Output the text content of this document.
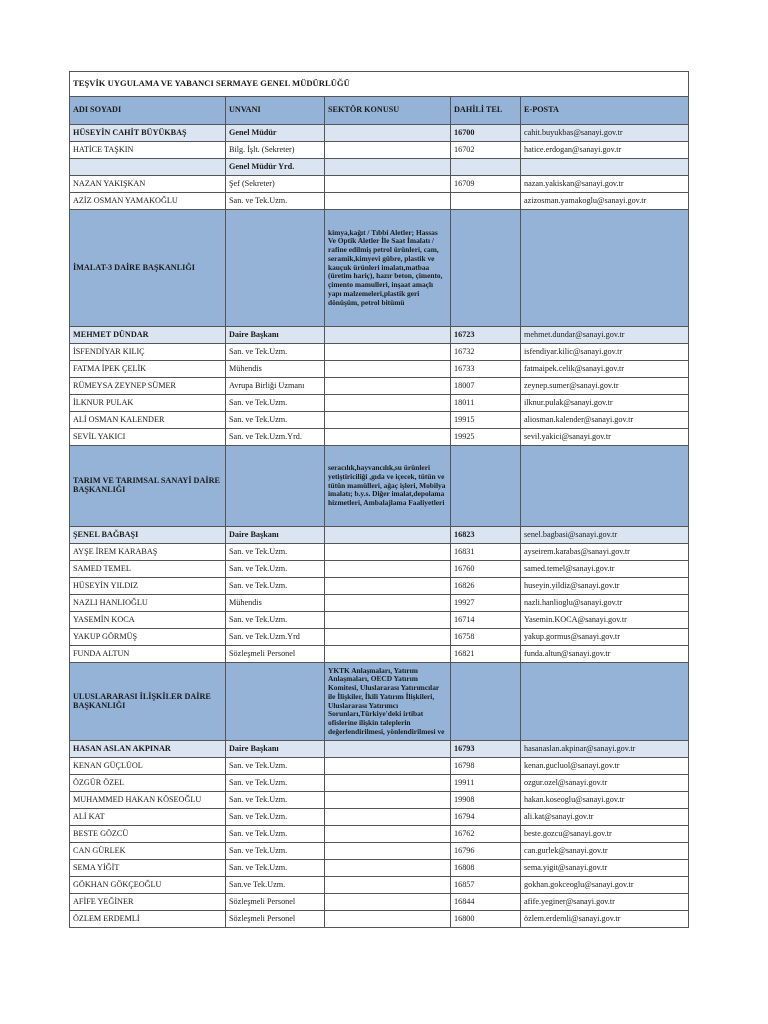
TEŞVİK UYGULAMA VE YABANCI SERMAYE GENEL MÜDÜRLÜĞÜ				
ADI SOYADI	UNVANI	SEKTÖR KONUSU	DAHİLİ TEL	E-POSTA
HÜSEYİN CAHİT BÜYÜKBAŞ	Genel Müdür		16700	cahit.buyukbas@sanayi.gov.tr
HATİCE TAŞKIN	Bilg. İşlt. (Sekreter)		16702	hatice.erdogan@sanayi.gov.tr
	Genel Müdür Yrd.			
NAZAN YAKIŞKAN	Şef (Sekreter)		16709	nazan.yakiskan@sanayi.gov.tr
AZİZ OSMAN YAMAKOĞLU	San. ve Tek.Uzm.			azizosman.yamakoglu@sanayi.gov.tr
İMALAT-3 DAİRE BAŞKANLIĞI		kimya,kağıt / Tıbbi Aletler; Hassas Ve Optik Aletler İle Saat İmalatı / rafine edilmiş petrol ürünleri, cam, seramik,kimyevi gübre, plastik ve kauçuk ürünleri imalatı,matbaa (üretim hariç), hazır beton, çimento, çimento mamulleri, inşaat amaçlı yapı malzemeleri,plastik geri dönüşüm, petrol bitümü		

MEHMET DÜNDAR	Daire Başkanı		16723	mehmet.dundar@sanayi.gov.tr
İSFENDİYAR KILIÇ	San. ve Tek.Uzm.		16732	isfendiyar.kilic@sanayi.gov.tr
FATMA İPEK ÇELİK	Mühendis		16733	fatmaipek.celik@sanayi.gov.tr
RÜMEYSA ZEYNEP SÜMER	Avrupa Birliği Uzmanı		18007	zeynep.sumer@sanayi.gov.tr
İLKNUR PULAK	San. ve Tek.Uzm.		18011	ilknur.pulak@sanayi.gov.tr
ALİ OSMAN KALENDER	San. ve Tek.Uzm.		19915	aliosman.kalender@sanayi.gov.tr
SEVİL YAKICI	San. ve Tek.Uzm.Yrd.		19925	sevil.yakici@sanayi.gov.tr
TARIM VE TARIMSAL SANAYİ DAİRE BAŞKANLIĞI		seracılık,hayvancılık,su ürünleri yetiştiriciliği ,gıda ve içecek, tütün ve tütün mamülleri, ağaç işleri, Mobilya imalatı; b.y.s. Diğer imalat,depolama hizmetleri, Ambalajlama Faaliyetleri		

ŞENEL BAĞBAŞI	Daire Başkanı		16823	senel.bagbasi@sanayi.gov.tr
AYŞE İREM KARABAŞ	San. ve Tek.Uzm.		16831	ayseirem.karabas@sanayi.gov.tr
SAMED TEMEL	San. ve Tek.Uzm.		16760	samed.temel@sanayi.gov.tr
HÜSEYİN YILDIZ	San. ve Tek.Uzm.		16826	huseyin.yildiz@sanayi.gov.tr
NAZLI HANLIOĞLU	Mühendis		19927	nazli.hanlioglu@sanayi.gov.tr
YASEMİN KOCA	San. ve Tek.Uzm.		16714	Yasemin.KOCA@sanayi.gov.tr
YAKUP GÖRMÜŞ	San. ve Tek.Uzm.Yrd		16758	yakup.gormus@sanayi.gov.tr
FUNDA ALTUN	Sözleşmeli Personel		16821	funda.altun@sanayi.gov.tr
ULUSLARARASI İLİŞKİLER DAİRE BAŞKANLIĞI		YKTK Anlaşmaları, Yatırım Anlaşmaları, OECD Yatırım Komitesi, Uluslararası Yatırımcılar ile İlişkiler, İkili Yatırım İlişkileri, Uluslararası Yatırımcı Sorunları,Türkiye'deki irtibat ofislerine ilişkin taleplerin değerlendirilmesi, yönlendirilmesi ve		

HASAN ASLAN AKPINAR	Daire Başkanı		16793	hasanaslan.akpinar@sanayi.gov.tr
KENAN GÜÇLÜOL	San. ve Tek.Uzm.		16798	kenan.gucluol@sanayi.gov.tr
ÖZGÜR ÖZEL	San. ve Tek.Uzm.		19911	ozgur.ozel@sanayi.gov.tr
MUHAMMED HAKAN KÖSEOĞLU	San. ve Tek.Uzm.		19908	hakan.koseoglu@sanayi.gov.tr
ALİ KAT	San. ve Tek.Uzm.		16794	ali.kat@sanayi.gov.tr
BESTE GÖZCÜ	San. ve Tek.Uzm.		16762	beste.gozcu@sanayi.gov.tr
CAN GÜRLEK	San. ve Tek.Uzm.		16796	can.gurlek@sanayi.gov.tr
SEMA YİĞİT	San. ve Tek.Uzm.		16808	sema.yigit@sanayi.gov.tr
GÖKHAN GÖKÇEOĞLU	San.ve Tek.Uzm.		16857	gokhan.gokceoglu@sanayi.gov.tr
AFİFE YEĞİNER	Sözleşmeli Personel		16844	afife.yeginer@sanayi.gov.tr
ÖZLEM ERDEMLİ	Sözleşmeli Personel		16800	özlem.erdemli@sanayi.gov.tr
